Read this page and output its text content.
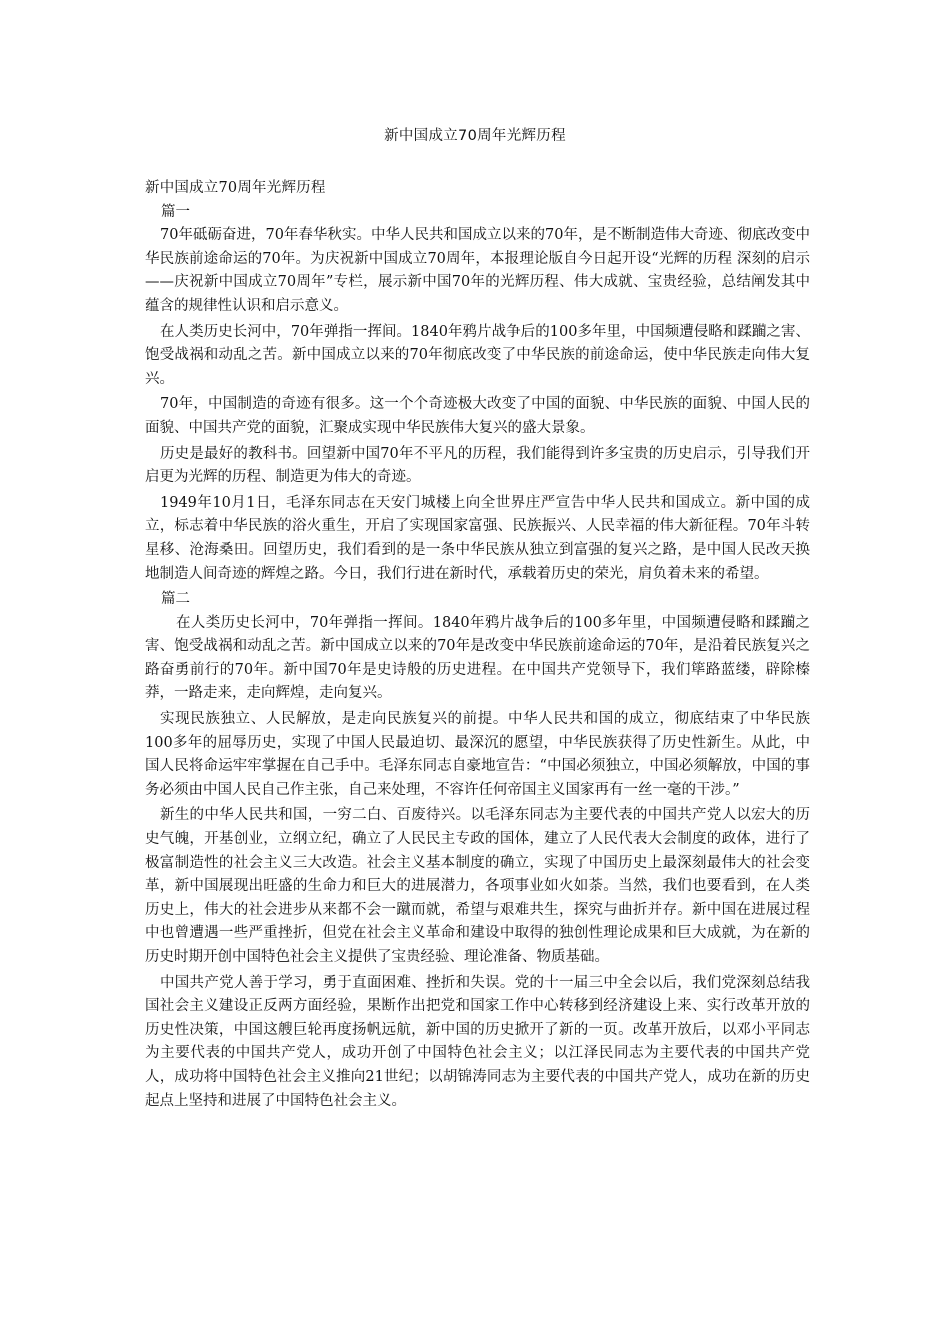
新中国成立70周年光辉历程

新中国成立70周年光辉历程

篇一

70年砥砺奋进，70年春华秋实。中华人民共和国成立以来的70年，是不断制造伟大奇迹、彻底改变中华民族前途命运的70年。为庆祝新中国成立70周年，本报理论版自今日起开设“光辉的历程 深刻的启示——庆祝新中国成立70周年”专栏，展示新中国70年的光辉历程、伟大成就、宝贵经验，总结阐发其中蕴含的规律性认识和启示意义。

在人类历史长河中，70年弹指一挥间。1840年鸦片战争后的100多年里，中国频遭侵略和蹂躏之害、饱受战祸和动乱之苦。新中国成立以来的70年彻底改变了中华民族的前途命运，使中华民族走向伟大复兴。

70年，中国制造的奇迹有很多。这一个个奇迹极大改变了中国的面貌、中华民族的面貌、中国人民的面貌、中国共产党的面貌，汇聚成实现中华民族伟大复兴的盛大景象。

历史是最好的教科书。回望新中国70年不平凡的历程，我们能得到许多宝贵的历史启示，引导我们开启更为光辉的历程、制造更为伟大的奇迹。

1949年10月1日，毛泽东同志在天安门城楼上向全世界庄严宣告中华人民共和国成立。新中国的成立，标志着中华民族的浴火重生，开启了实现国家富强、民族振兴、人民幸福的伟大新征程。70年斗转星移、沧海桑田。回望历史，我们看到的是一条中华民族从独立到富强的复兴之路，是中国人民改天换地制造人间奇迹的辉煌之路。今日，我们行进在新时代，承载着历史的荣光，肩负着未来的希望。

篇二

在人类历史长河中，70年弹指一挥间。1840年鸦片战争后的100多年里，中国频遭侵略和蹂躏之害、饱受战祸和动乱之苦。新中国成立以来的70年是改变中华民族前途命运的70年，是沿着民族复兴之路奋勇前行的70年。新中国70年是史诗般的历史进程。在中国共产党领导下，我们筚路蓝缕，辟除榛莽，一路走来，走向辉煌，走向复兴。

实现民族独立、人民解放，是走向民族复兴的前提。中华人民共和国的成立，彻底结束了中华民族100多年的屈辱历史，实现了中国人民最迫切、最深沉的愿望，中华民族获得了历史性新生。从此，中国人民将命运牢牢掌握在自己手中。毛泽东同志自豪地宣告：“中国必须独立，中国必须解放，中国的事务必须由中国人民自己作主张，自己来处理，不容许任何帝国主义国家再有一丝一毫的干涉。”

新生的中华人民共和国，一穷二白、百废待兴。以毛泽东同志为主要代表的中国共产党人以宏大的历史气魄，开基创业，立纲立纪，确立了人民民主专政的国体，建立了人民代表大会制度的政体，进行了极富制造性的社会主义三大改造。社会主义基本制度的确立，实现了中国历史上最深刻最伟大的社会变革，新中国展现出旺盛的生命力和巨大的进展潜力，各项事业如火如荼。当然，我们也要看到，在人类历史上，伟大的社会进步从来都不会一蹴而就，希望与艰难共生，探究与曲折并存。新中国在进展过程中也曾遭遇一些严重挫折，但党在社会主义革命和建设中取得的独创性理论成果和巨大成就，为在新的历史时期开创中国特色社会主义提供了宝贵经验、理论准备、物质基础。

中国共产党人善于学习，勇于直面困难、挫折和失误。党的十一届三中全会以后，我们党深刻总结我国社会主义建设正反两方面经验，果断作出把党和国家工作中心转移到经济建设上来、实行改革开放的历史性决策，中国这艘巨轮再度扬帆远航，新中国的历史掀开了新的一页。改革开放后，以邓小平同志为主要代表的中国共产党人，成功开创了中国特色社会主义；以江泽民同志为主要代表的中国共产党人，成功将中国特色社会主义推向21世纪；以胡锦涛同志为主要代表的中国共产党人，成功在新的历史起点上坚持和进展了中国特色社会主义。
